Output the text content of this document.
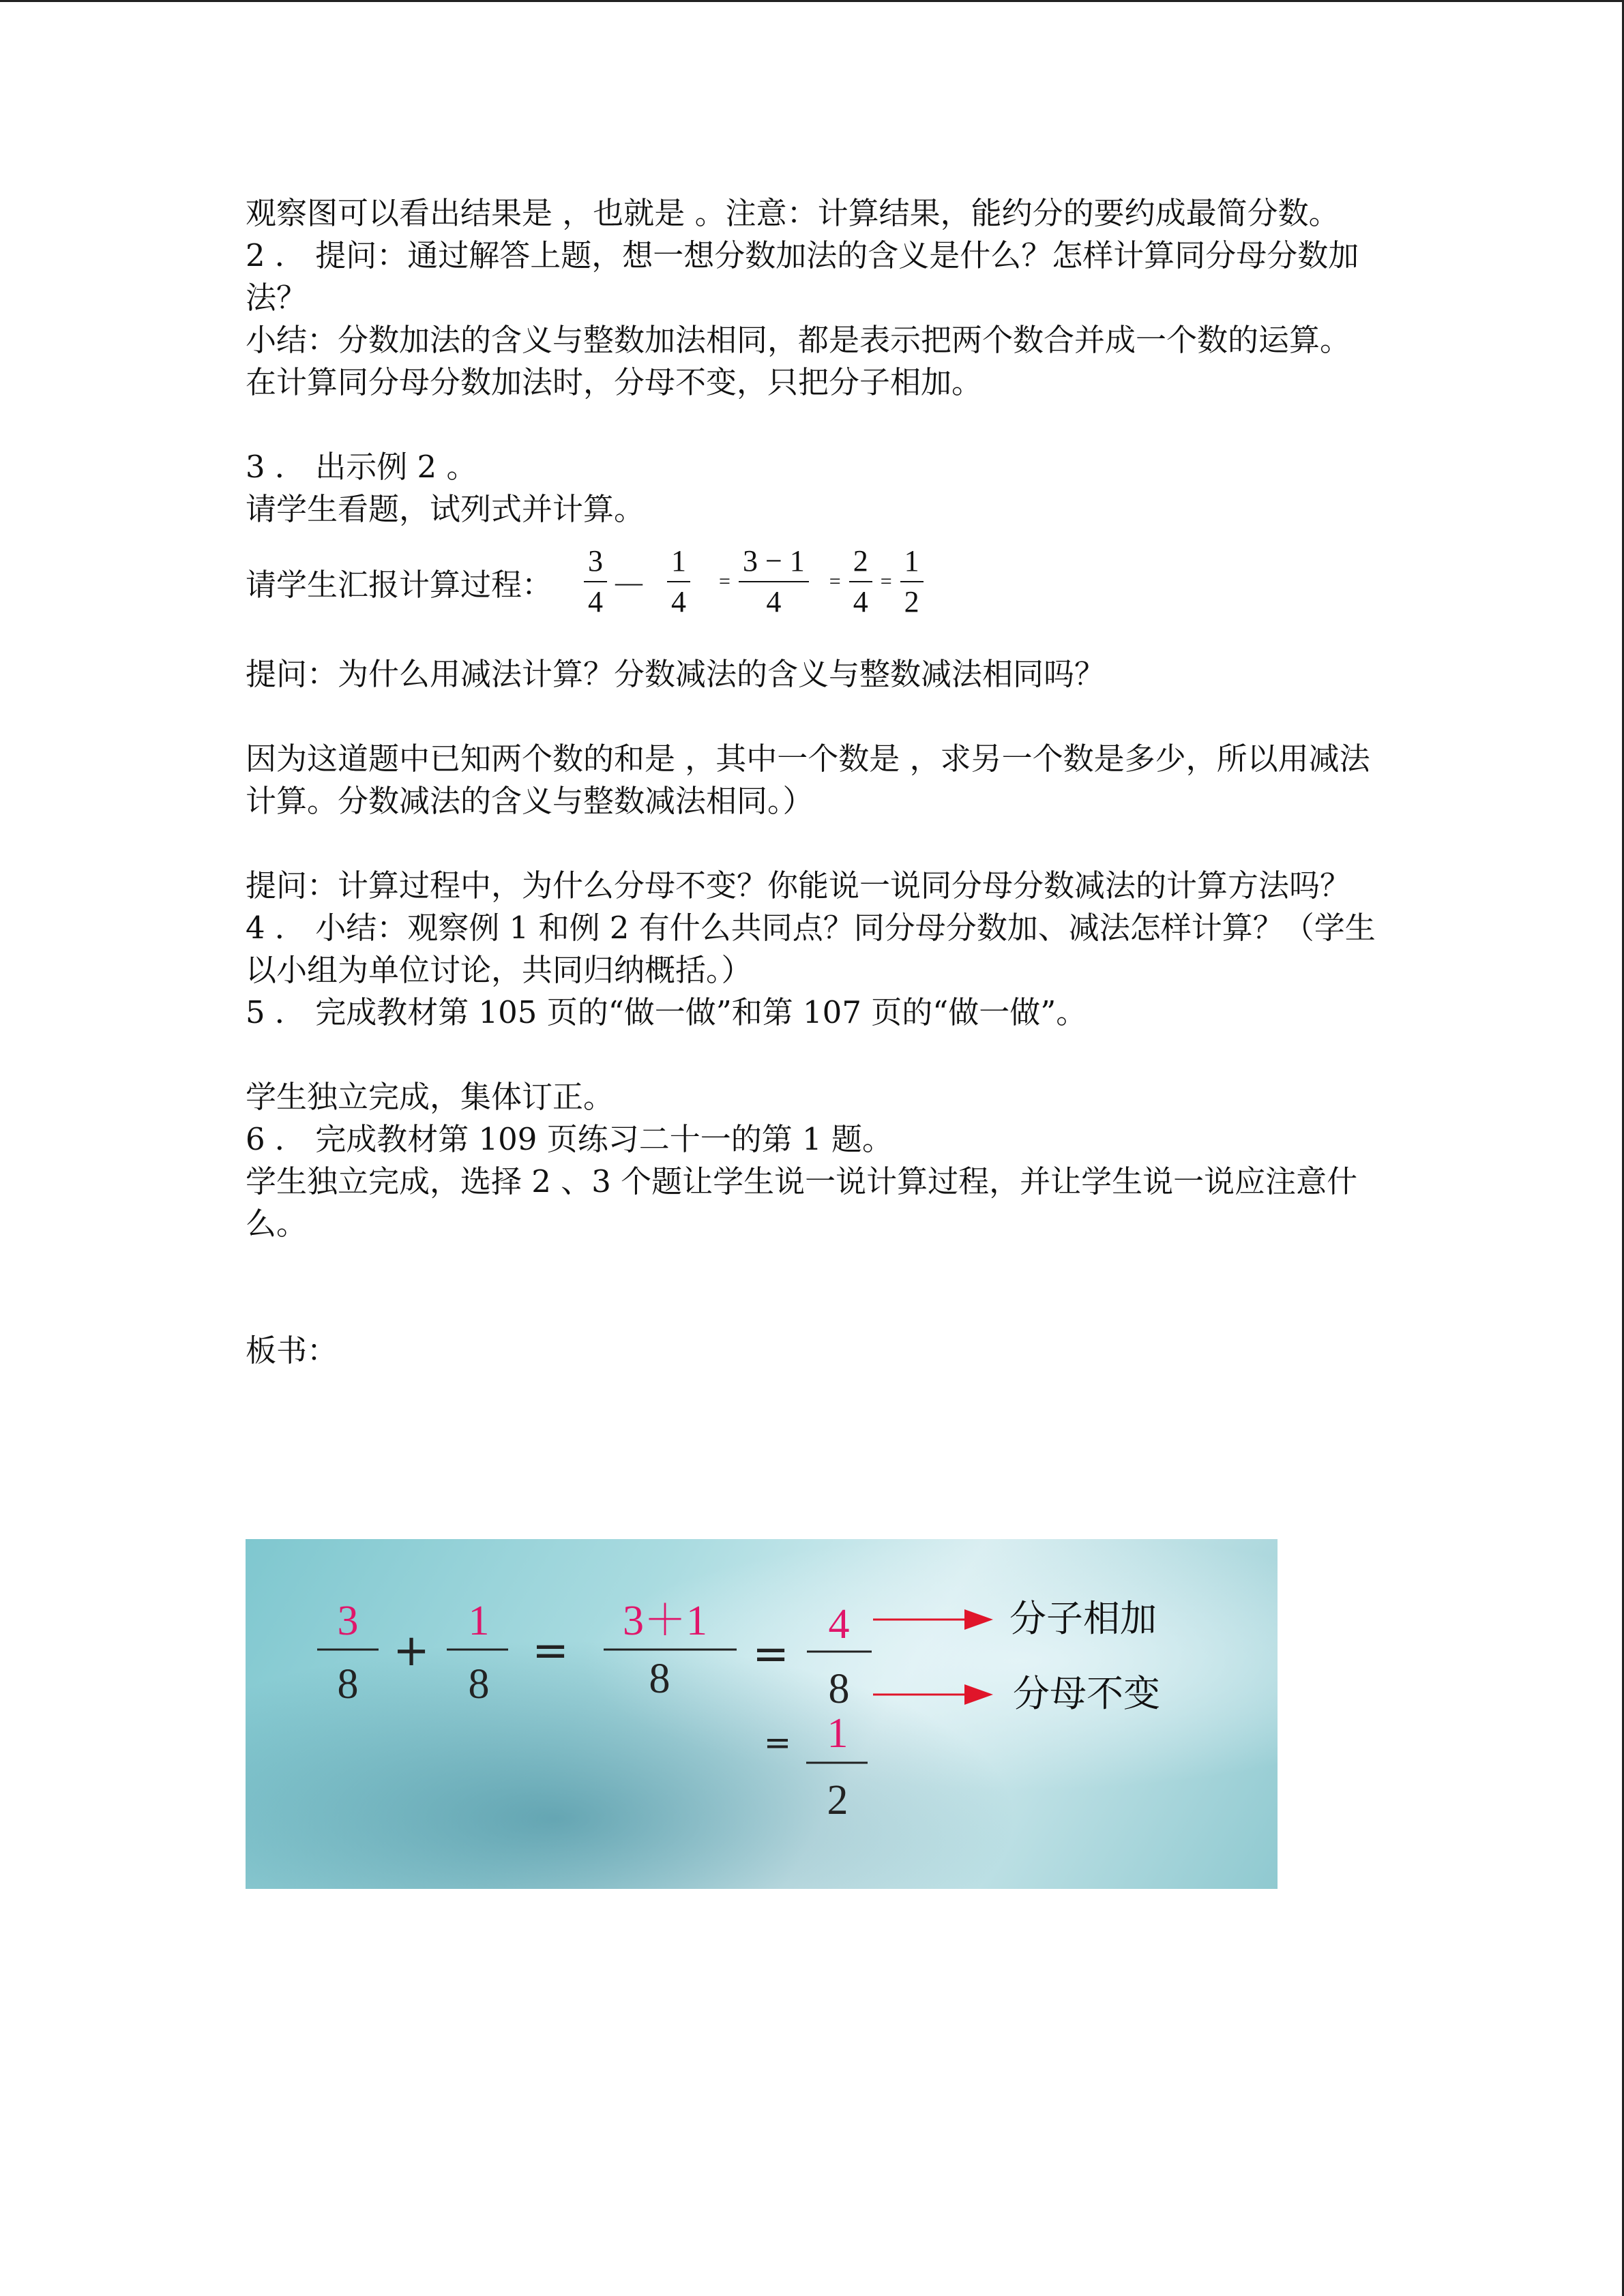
观察图可以看出结果是 ，也就是 。注意：计算结果，能约分的要约成最简分数。

2 ． 提问：通过解答上题，想一想分数加法的含义是什么？怎样计算同分母分数加法？

小结：分数加法的含义与整数加法相同，都是表示把两个数合并成一个数的运算。在计算同分母分数加法时，分母不变，只把分子相加。

3 ． 出示例 2 。

请学生看题，试列式并计算。

请学生汇报计算过程： $\frac{3}{4}$ — $\frac{1}{4} = \frac{3 - 1}{4} = \frac{2}{4} = \frac{1}{2}$

提问：为什么用减法计算？分数减法的含义与整数减法相同吗？

因为这道题中已知两个数的和是 ，其中一个数是 ，求另一个数是多少，所以用减法计算。分数减法的含义与整数减法相同。）

提问：计算过程中，为什么分母不变？你能说一说同分母分数减法的计算方法吗？

4 ． 小结：观察例 1 和例 2 有什么共同点？同分母分数加、减法怎样计算？（学生以小组为单位讨论，共同归纳概括。）

5 ． 完成教材第 105 页的“做一做”和第 107 页的“做一做”。

学生独立完成，集体订正。

6 ． 完成教材第 109 页练习二十一的第 1 题。

学生独立完成，选择 2 、3 个题让学生说一说计算过程，并让学生说一说应注意什么。

板书：

3
8
+
1
8
=
3＋1
8 =
4
8
分子相加
分母不变
= 1
2
